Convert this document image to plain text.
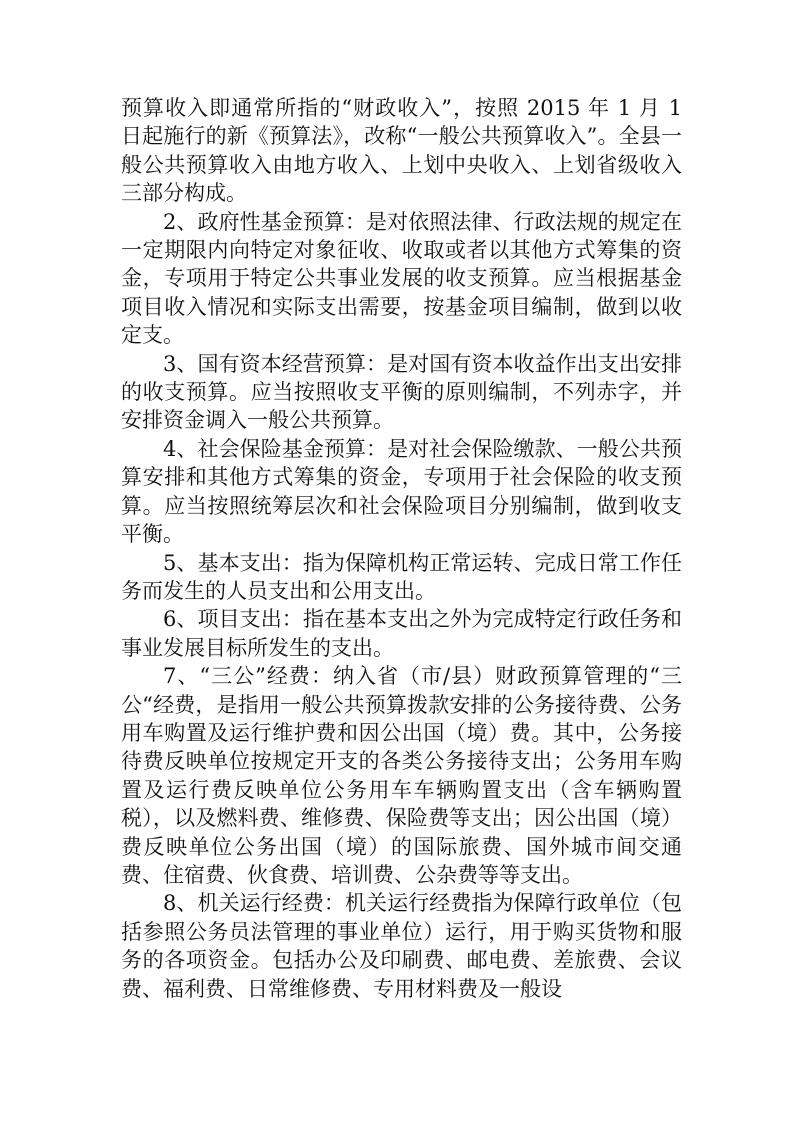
预算收入即通常所指的“财政收入”，按照 2015 年 1 月 1 日起施行的新《预算法》，改称“一般公共预算收入”。全县一般公共预算收入由地方收入、上划中央收入、上划省级收入三部分构成。

2、政府性基金预算：是对依照法律、行政法规的规定在一定期限内向特定对象征收、收取或者以其他方式筹集的资金，专项用于特定公共事业发展的收支预算。应当根据基金项目收入情况和实际支出需要，按基金项目编制，做到以收定支。

3、国有资本经营预算：是对国有资本收益作出支出安排的收支预算。应当按照收支平衡的原则编制，不列赤字，并安排资金调入一般公共预算。

4、社会保险基金预算：是对社会保险缴款、一般公共预算安排和其他方式筹集的资金，专项用于社会保险的收支预算。应当按照统筹层次和社会保险项目分别编制，做到收支平衡。

5、基本支出：指为保障机构正常运转、完成日常工作任务而发生的人员支出和公用支出。

6、项目支出：指在基本支出之外为完成特定行政任务和事业发展目标所发生的支出。

7、“三公”经费：纳入省（市/县）财政预算管理的“三公“经费，是指用一般公共预算拨款安排的公务接待费、公务用车购置及运行维护费和因公出国（境）费。其中，公务接待费反映单位按规定开支的各类公务接待支出；公务用车购置及运行费反映单位公务用车车辆购置支出（含车辆购置税），以及燃料费、维修费、保险费等支出；因公出国（境）费反映单位公务出国（境）的国际旅费、国外城市间交通费、住宿费、伙食费、培训费、公杂费等等支出。

8、机关运行经费：机关运行经费指为保障行政单位（包括参照公务员法管理的事业单位）运行，用于购买货物和服务的各项资金。包括办公及印刷费、邮电费、差旅费、会议费、福利费、日常维修费、专用材料费及一般设
